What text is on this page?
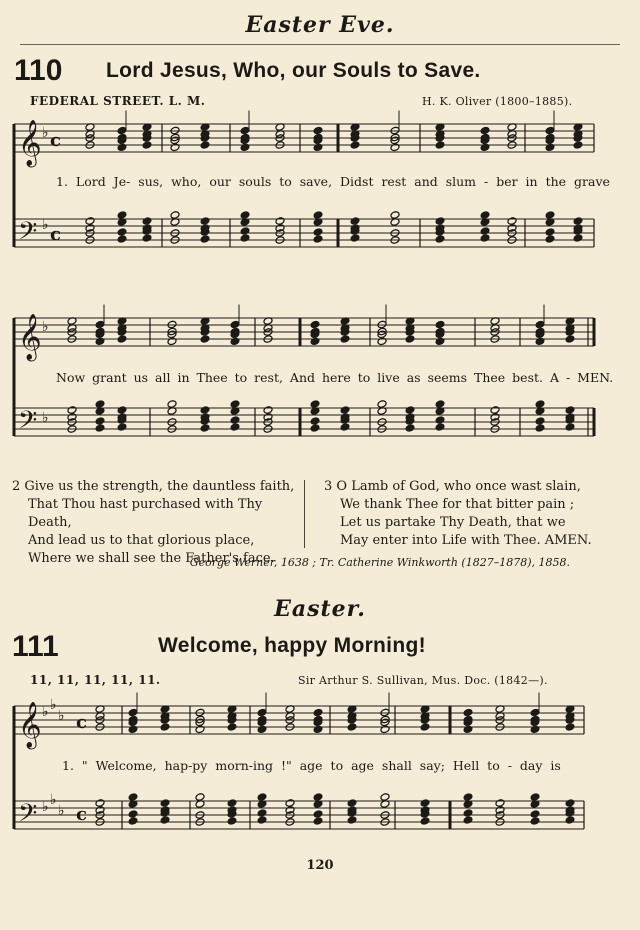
Easter Eve.
110 Lord Jesus, Who, our Souls to Save.
FEDERAL STREET. L. M.	H. K. Oliver (1800–1885).
𝄞
𝄢
c
c
𝄞
𝄢
𝄞
𝄢
c
c
♭
♭
♭
♭
♭ ♭
♭
♭ ♭
♭
1. Lord Je- sus, who, our souls to save, Didst rest and slum - ber in the grave
Now grant us all in Thee to rest, And here to live as seems Thee best. A - MEN.
2 Give us the strength, the dauntless faith,
That Thou hast purchased with Thy Death,
And lead us to that glorious place,
Where we shall see the Father's face.
3 O Lamb of God, who once wast slain,
We thank Thee for that bitter pain ;
Let us partake Thy Death, that we
May enter into Life with Thee. AMEN.
George Werner, 1638 ; Tr. Catherine Winkworth (1827–1878), 1858.
Easter.
111	Welcome, happy Morning!
11, 11, 11, 11, 11.	Sir Arthur S. Sullivan, Mus. Doc. (1842—).
1. " Welcome, hap-py morn-ing !" age to age shall say; Hell to - day is
120
